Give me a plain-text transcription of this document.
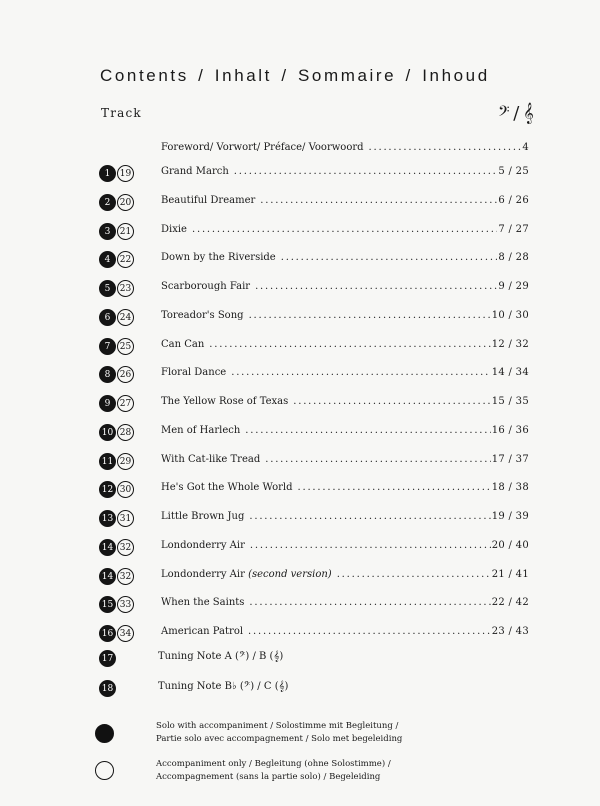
Contents / Inhalt / Sommaire / Inhoud
Track	𝄢 / 𝄞
Foreword/ Vorwort/ Préface/ Voorwoord .....	4
1 19	Grand March .....	5 / 25
2 20	Beautiful Dreamer .....	6 / 26
3 21	Dixie .....	7 / 27
4 22	Down by the Riverside .....	8 / 28
5 23	Scarborough Fair .....	9 / 29
6 24	Toreador's Song .....	10 / 30
7 25	Can Can .....	12 / 32
8 26	Floral Dance .....	14 / 34
9 27	The Yellow Rose of Texas .....	15 / 35
10 28	Men of Harlech .....	16 / 36
11 29	With Cat-like Tread .....	17 / 37
12 30	He's Got the Whole World .....	18 / 38
13 31	Little Brown Jug .....	19 / 39
14 32	Londonderry Air .....	20 / 40
14 32	Londonderry Air (second version) .....	21 / 41
15 33	When the Saints .....	22 / 42
16 34	American Patrol .....	23 / 43
17	Tuning Note A (𝄢) / B (𝄞)
18	Tuning Note B♭ (𝄢) / C (𝄞)
Solo with accompaniment / Solostimme mit Begleitung /
Partie solo avec accompagnement / Solo met begeleiding
Accompaniment only / Begleitung (ohne Solostimme) /
Accompagnement (sans la partie solo) / Begeleiding
